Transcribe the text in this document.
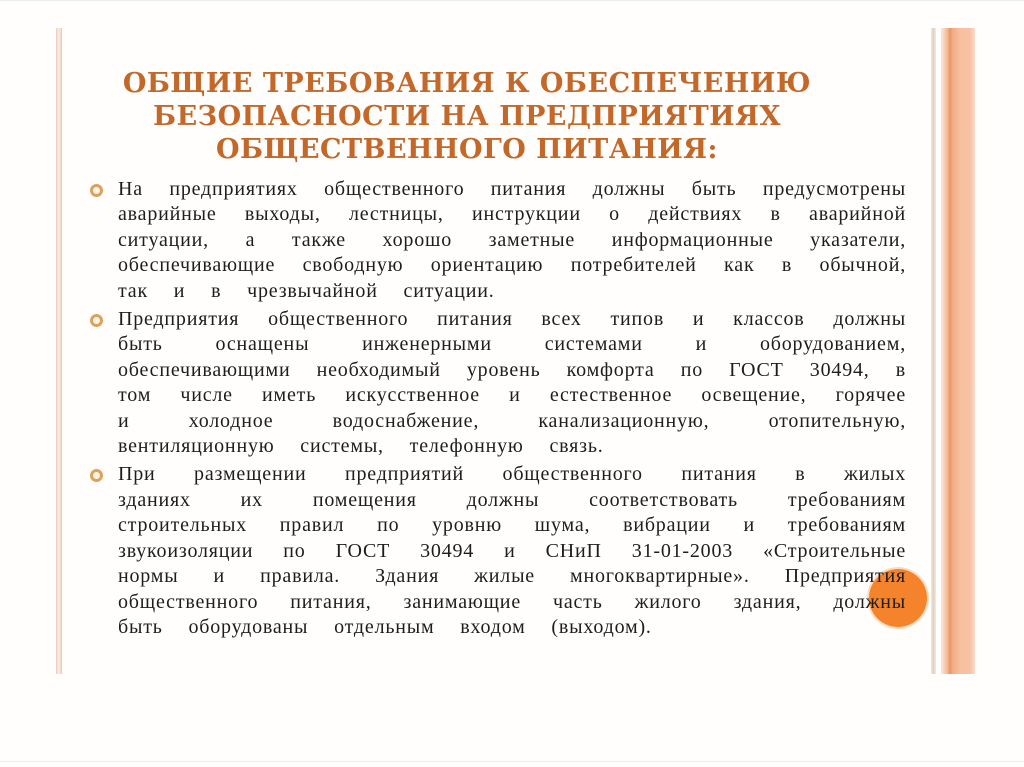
ОБЩИЕ ТРЕБОВАНИЯ К ОБЕСПЕЧЕНИЮ
БЕЗОПАСНОСТИ НА ПРЕДПРИЯТИЯХ
ОБЩЕСТВЕННОГО ПИТАНИЯ:

На предприятиях общественного питания должны быть предусмотрены аварийные выходы, лестницы, инструкции о действиях в аварийной ситуации, а также хорошо заметные информационные указатели, обеспечивающие свободную ориентацию потребителей как в обычной, так и в чрезвычайной ситуации.

Предприятия общественного питания всех типов и классов должны быть оснащены инженерными системами и оборудованием, обеспечивающими необходимый уровень комфорта по ГОСТ 30494, в том числе иметь искусственное и естественное освещение, горячее и холодное водоснабжение, канализационную, отопительную, вентиляционную системы, телефонную связь.

При размещении предприятий общественного питания в жилых зданиях их помещения должны соответствовать требованиям строительных правил по уровню шума, вибрации и требованиям звукоизоляции по ГОСТ 30494 и СНиП 31-01-2003 «Строительные нормы и правила. Здания жилые многоквартирные». Предприятия общественного питания, занимающие часть жилого здания, должны быть оборудованы отдельным входом (выходом).
